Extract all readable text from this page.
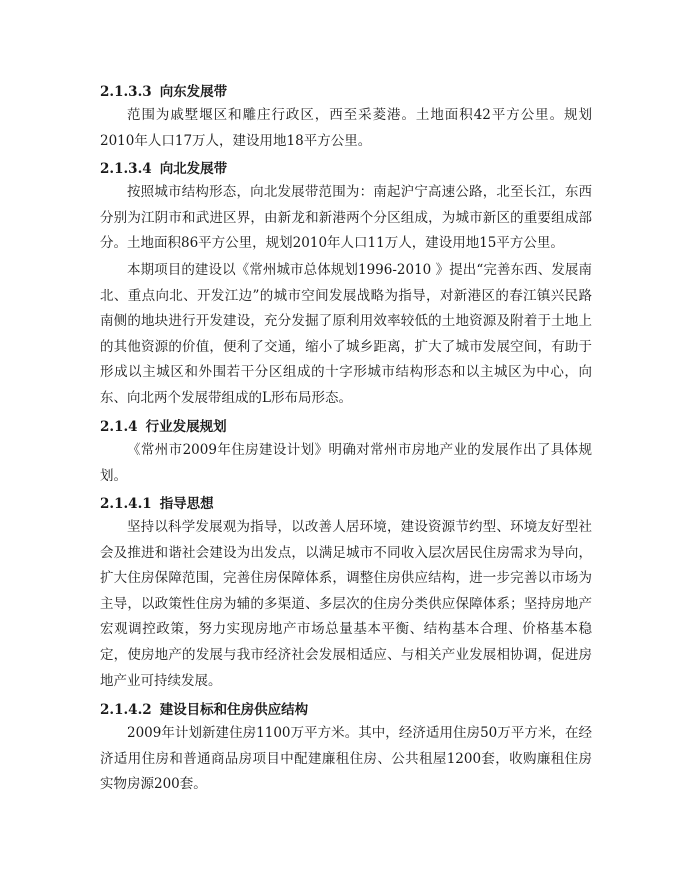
2.1.3.3 向东发展带

范围为戚墅堰区和雕庄行政区，西至采菱港。土地面积42平方公里。规划2010年人口17万人，建设用地18平方公里。

2.1.3.4 向北发展带

按照城市结构形态，向北发展带范围为：南起沪宁高速公路，北至长江，东西分别为江阴市和武进区界，由新龙和新港两个分区组成，为城市新区的重要组成部分。土地面积86平方公里，规划2010年人口11万人，建设用地15平方公里。

本期项目的建设以《常州城市总体规划1996-2010 》提出“完善东西、发展南北、重点向北、开发江边”的城市空间发展战略为指导，对新港区的春江镇兴民路南侧的地块进行开发建设，充分发掘了原利用效率较低的土地资源及附着于土地上的其他资源的价值，便利了交通，缩小了城乡距离，扩大了城市发展空间，有助于形成以主城区和外围若干分区组成的十字形城市结构形态和以主城区为中心，向东、向北两个发展带组成的L形布局形态。

2.1.4 行业发展规划

《常州市2009年住房建设计划》明确对常州市房地产业的发展作出了具体规划。

2.1.4.1 指导思想

坚持以科学发展观为指导，以改善人居环境，建设资源节约型、环境友好型社会及推进和谐社会建设为出发点，以满足城市不同收入层次居民住房需求为导向，扩大住房保障范围，完善住房保障体系，调整住房供应结构，进一步完善以市场为主导，以政策性住房为辅的多渠道、多层次的住房分类供应保障体系；坚持房地产宏观调控政策，努力实现房地产市场总量基本平衡、结构基本合理、价格基本稳定，使房地产的发展与我市经济社会发展相适应、与相关产业发展相协调，促进房地产业可持续发展。

2.1.4.2 建设目标和住房供应结构

2009年计划新建住房1100万平方米。其中，经济适用住房50万平方米，在经济适用住房和普通商品房项目中配建廉租住房、公共租屋1200套，收购廉租住房实物房源200套。
